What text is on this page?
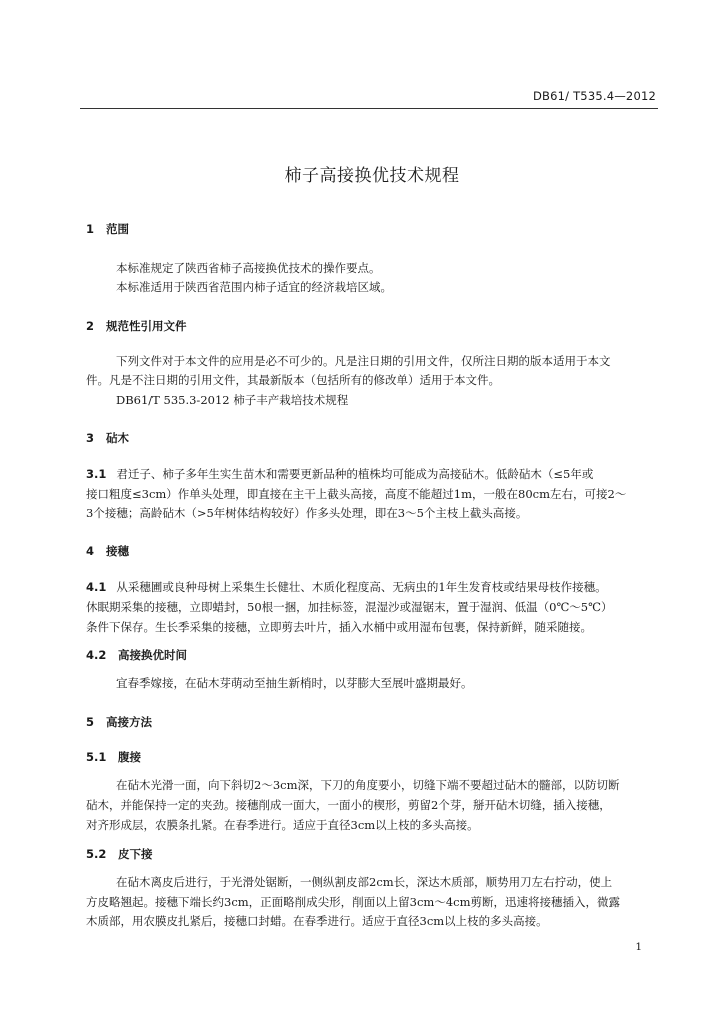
DB61/ T535.4—2012
柿子高接换优技术规程
1 范围
本标准规定了陕西省柿子高接换优技术的操作要点。
本标准适用于陕西省范围内柿子适宜的经济栽培区域。
2 规范性引用文件
下列文件对于本文件的应用是必不可少的。凡是注日期的引用文件，仅所注日期的版本适用于本文
件。凡是不注日期的引用文件，其最新版本（包括所有的修改单）适用于本文件。
DB61/T 535.3-2012 柿子丰产栽培技术规程
3 砧木
3.1 君迁子、柿子多年生实生苗木和需要更新品种的植株均可能成为高接砧木。低龄砧木（≤5年或
接口粗度≤3cm）作单头处理，即直接在主干上截头高接，高度不能超过1m，一般在80cm左右，可接2～
3个接穗；高龄砧木（>5年树体结构较好）作多头处理，即在3～5个主枝上截头高接。
4 接穗
4.1 从采穗圃或良种母树上采集生长健壮、木质化程度高、无病虫的1年生发育枝或结果母枝作接穗。
休眠期采集的接穗，立即蜡封，50根一捆，加挂标签，混湿沙或湿锯末，置于湿润、低温（0℃～5℃）
条件下保存。生长季采集的接穗，立即剪去叶片，插入水桶中或用湿布包裹，保持新鲜，随采随接。
4.2 高接换优时间
宜春季嫁接，在砧木芽萌动至抽生新梢时，以芽膨大至展叶盛期最好。
5 高接方法
5.1 腹接
在砧木光滑一面，向下斜切2～3cm深，下刀的角度要小，切缝下端不要超过砧木的髓部，以防切断
砧木，并能保持一定的夹劲。接穗削成一面大，一面小的楔形，剪留2个芽，掰开砧木切缝，插入接穗，
对齐形成层，农膜条扎紧。在春季进行。适应于直径3cm以上枝的多头高接。
5.2 皮下接
在砧木离皮后进行，于光滑处锯断，一侧纵割皮部2cm长，深达木质部，顺势用刀左右拧动，使上
方皮略翘起。接穗下端长约3cm，正面略削成尖形，削面以上留3cm～4cm剪断，迅速将接穗插入，微露
木质部，用农膜皮扎紧后，接穗口封蜡。在春季进行。适应于直径3cm以上枝的多头高接。
1
